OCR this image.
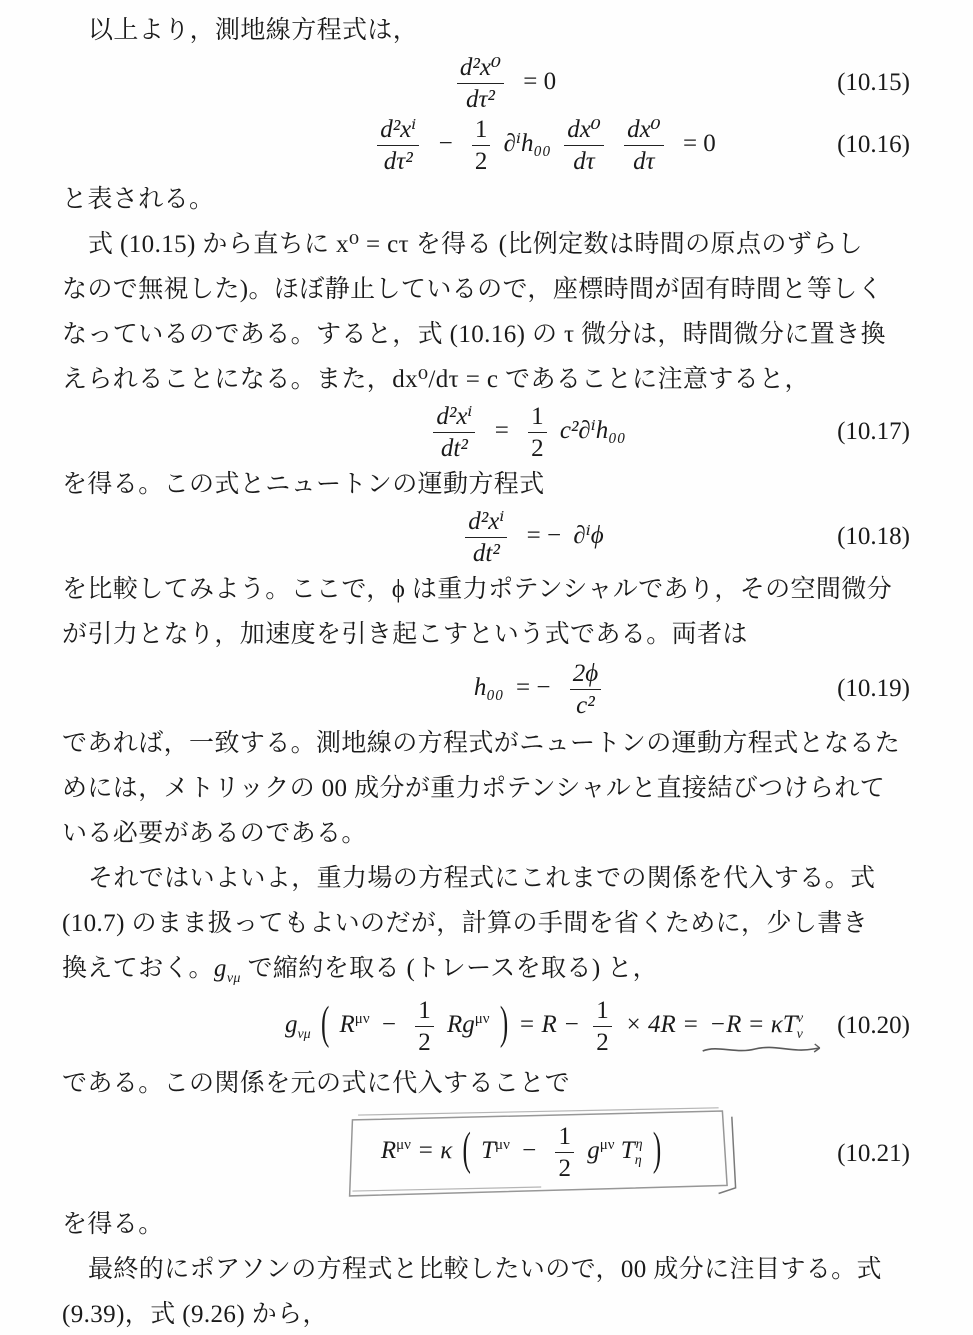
以上より，測地線方程式は，
$\frac{\text{d²x⁰}}{\text{dτ²}} = 0$	(10.15)
$\frac{\text{d²xⁱ}}{\text{dτ²}} - \frac{1}{2} \partial^ih_{00} \frac{\text{dx⁰}}{d\tau}$
$\frac{\text{dx⁰}}{d\tau} = 0$	(10.16)
と表される。
式 (10.15) から直ちに x⁰ = cτ を得る (比例定数は時間の原点のずらし
なので無視した)。ほぼ静止しているので，座標時間が固有時間と等しく
なっているのである。すると，式 (10.16) の τ 微分は，時間微分に置き換
えられることになる。また，dx⁰/dτ = c であることに注意すると，
$\frac{\text{d²xⁱ}}{\text{dt²}} = \frac{1}{2} c^2\partial^ih_{00}$	(10.17)
を得る。この式とニュートンの運動方程式
$\frac{\text{d²xⁱ}}{\text{dt²}}$ = − ∂ⁱϕ	(10.18)
を比較してみよう。ここで，ϕ は重力ポテンシャルであり，その空間微分
が引力となり，加速度を引き起こすという式である。両者は
h₀₀ = − $\frac{2\phi}{\text{c²}}$	(10.19)
であれば，一致する。測地線の方程式がニュートンの運動方程式となるた
めには，メトリックの 00 成分が重力ポテンシャルと直接結びつけられて
いる必要があるのである。
それではいよいよ，重力場の方程式にこれまでの関係を代入する。式
(10.7) のまま扱ってもよいのだが，計算の手間を省くために，少し書き
換えておく。$g_{\nu\mu}$ で縮約を取る (トレースを取る) と，
$g_{\nu\mu}$ ( $R^{\mu\nu} - \frac{1}{2} Rg^{\mu\nu}$ ) = $R - \frac{1}{2} \times 4R = -R = \kappa T_\nu^\nu$ (10.20)
である。この関係を元の式に代入することで
$R^{\mu\nu} = \kappa$ ( $T^{\mu\nu} - \frac{1}{2} g^{\mu\nu}$ $T_\eta^\eta$ )	(10.21)
を得る。
最終的にポアソンの方程式と比較したいので，00 成分に注目する。式
(9.39)，式 (9.26) から，
